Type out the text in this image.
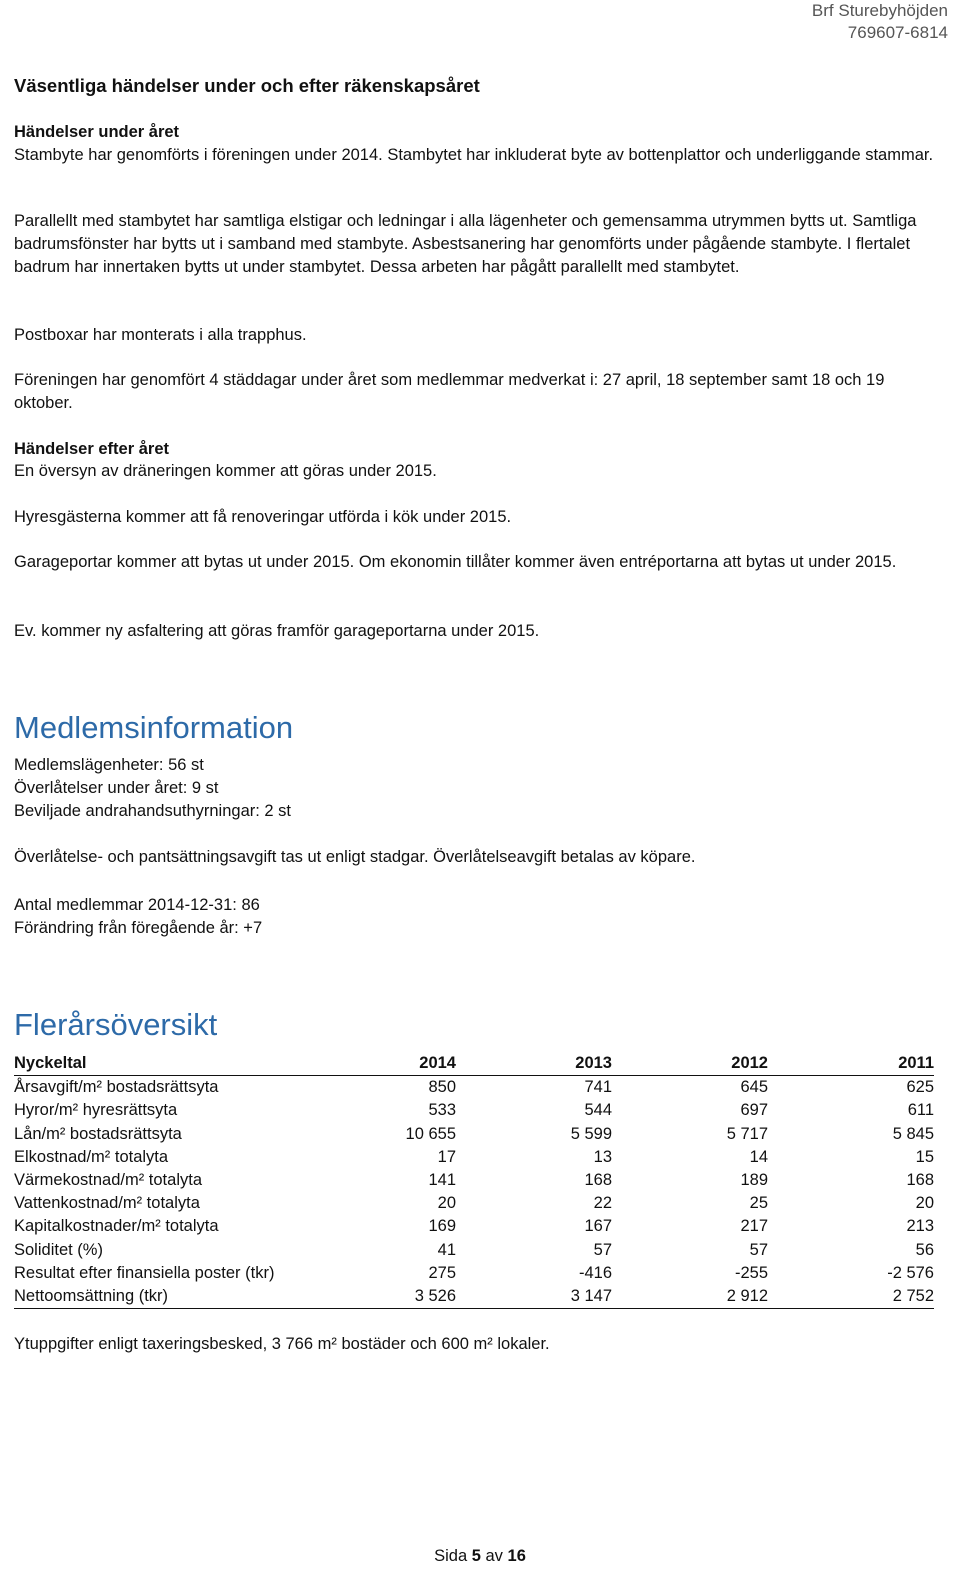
Brf Sturebyhöjden
769607-6814
Väsentliga händelser under och efter räkenskapsåret
Händelser under året
Stambyte har genomförts i föreningen under 2014. Stambytet har inkluderat byte av bottenplattor och underliggande stammar.
Parallellt med stambytet har samtliga elstigar och ledningar i alla lägenheter och gemensamma utrymmen bytts ut. Samtliga badrumsfönster har bytts ut i samband med stambyte. Asbestsanering har genomförts under pågående stambyte. I flertalet badrum har innertaken bytts ut under stambytet. Dessa arbeten har pågått parallellt med stambytet.
Postboxar har monterats i alla trapphus.
Föreningen har genomfört 4 städdagar under året som medlemmar medverkat i: 27 april, 18 september samt 18 och 19 oktober.
Händelser efter året
En översyn av dräneringen kommer att göras under 2015.
Hyresgästerna kommer att få renoveringar utförda i kök under 2015.
Garageportar kommer att bytas ut under 2015. Om ekonomin tillåter kommer även entréportarna att bytas ut under 2015.
Ev. kommer ny asfaltering att göras framför garageportarna under 2015.
Medlemsinformation
Medlemslägenheter: 56 st
Överlåtelser under året: 9 st
Beviljade andrahandsuthyrningar: 2 st
Överlåtelse- och pantsättningsavgift tas ut enligt stadgar. Överlåtelseavgift betalas av köpare.
Antal medlemmar 2014-12-31: 86
Förändring från föregående år: +7
Flerårsöversikt
Nyckeltal	2014	2013	2012	2011
Årsavgift/m² bostadsrättsyta	850	741	645	625
Hyror/m² hyresrättsyta	533	544	697	611
Lån/m² bostadsrättsyta	10 655	5 599	5 717	5 845
Elkostnad/m² totalyta	17	13	14	15
Värmekostnad/m² totalyta	141	168	189	168
Vattenkostnad/m² totalyta	20	22	25	20
Kapitalkostnader/m² totalyta	169	167	217	213
Soliditet (%)	41	57	57	56
Resultat efter finansiella poster (tkr)	275	-416	-255	-2 576
Nettoomsättning (tkr)	3 526	3 147	2 912	2 752
Ytuppgifter enligt taxeringsbesked, 3 766 m² bostäder och 600 m² lokaler.
Sida 5 av 16
